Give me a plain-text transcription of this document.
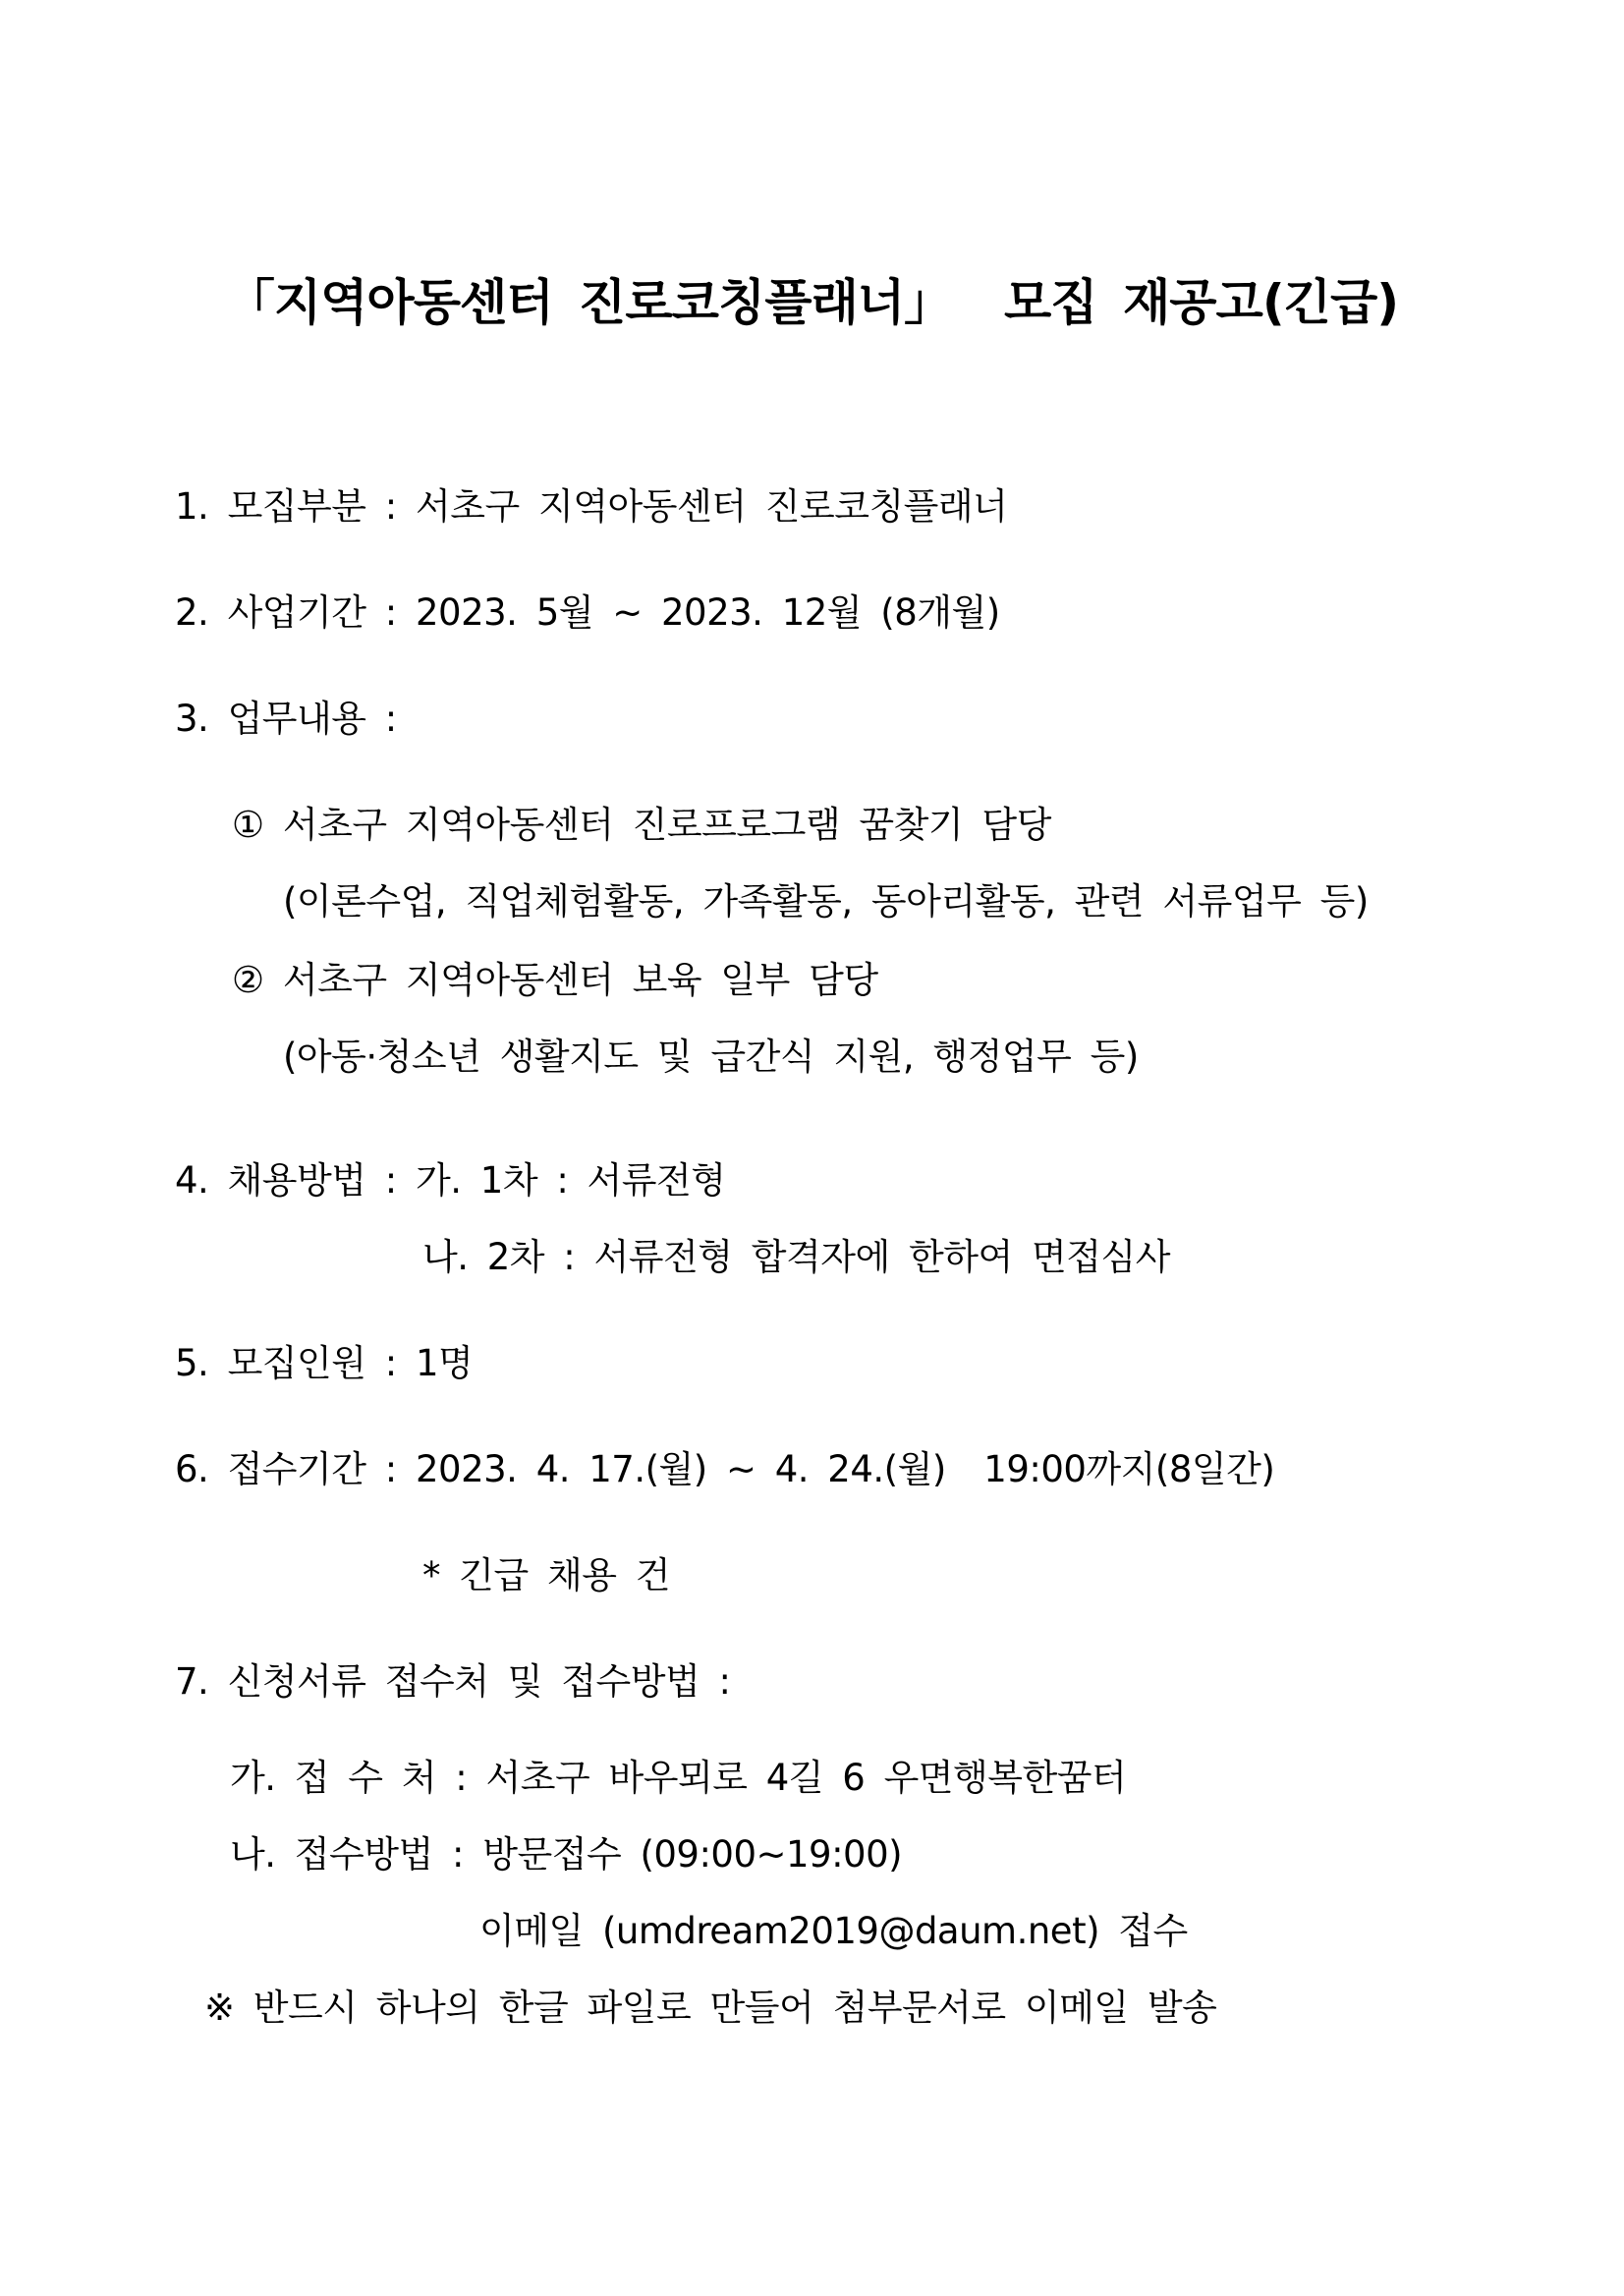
「지역아동센터 진로코칭플래너」  모집 재공고(긴급)
1. 모집부분 : 서초구 지역아동센터 진로코칭플래너
2. 사업기간 : 2023. 5월 ~ 2023. 12월 (8개월)
3. 업무내용 :
① 서초구 지역아동센터 진로프로그램 꿈찾기 담당
(이론수업, 직업체험활동, 가족활동, 동아리활동, 관련 서류업무 등)
② 서초구 지역아동센터 보육 일부 담당
(아동·청소년 생활지도 및 급간식 지원, 행정업무 등)
4. 채용방법 : 가. 1차 : 서류전형
나. 2차 : 서류전형 합격자에 한하여 면접심사
5. 모집인원 : 1명
6. 접수기간 : 2023. 4. 17.(월) ~ 4. 24.(월)  19:00까지(8일간)
* 긴급 채용 건
7. 신청서류 접수처 및 접수방법 :
가. 접 수 처 : 서초구 바우뫼로 4길 6 우면행복한꿈터
나. 접수방법 : 방문접수 (09:00~19:00)
이메일 (umdream2019@daum.net) 접수
※ 반드시 하나의 한글 파일로 만들어 첨부문서로 이메일 발송
